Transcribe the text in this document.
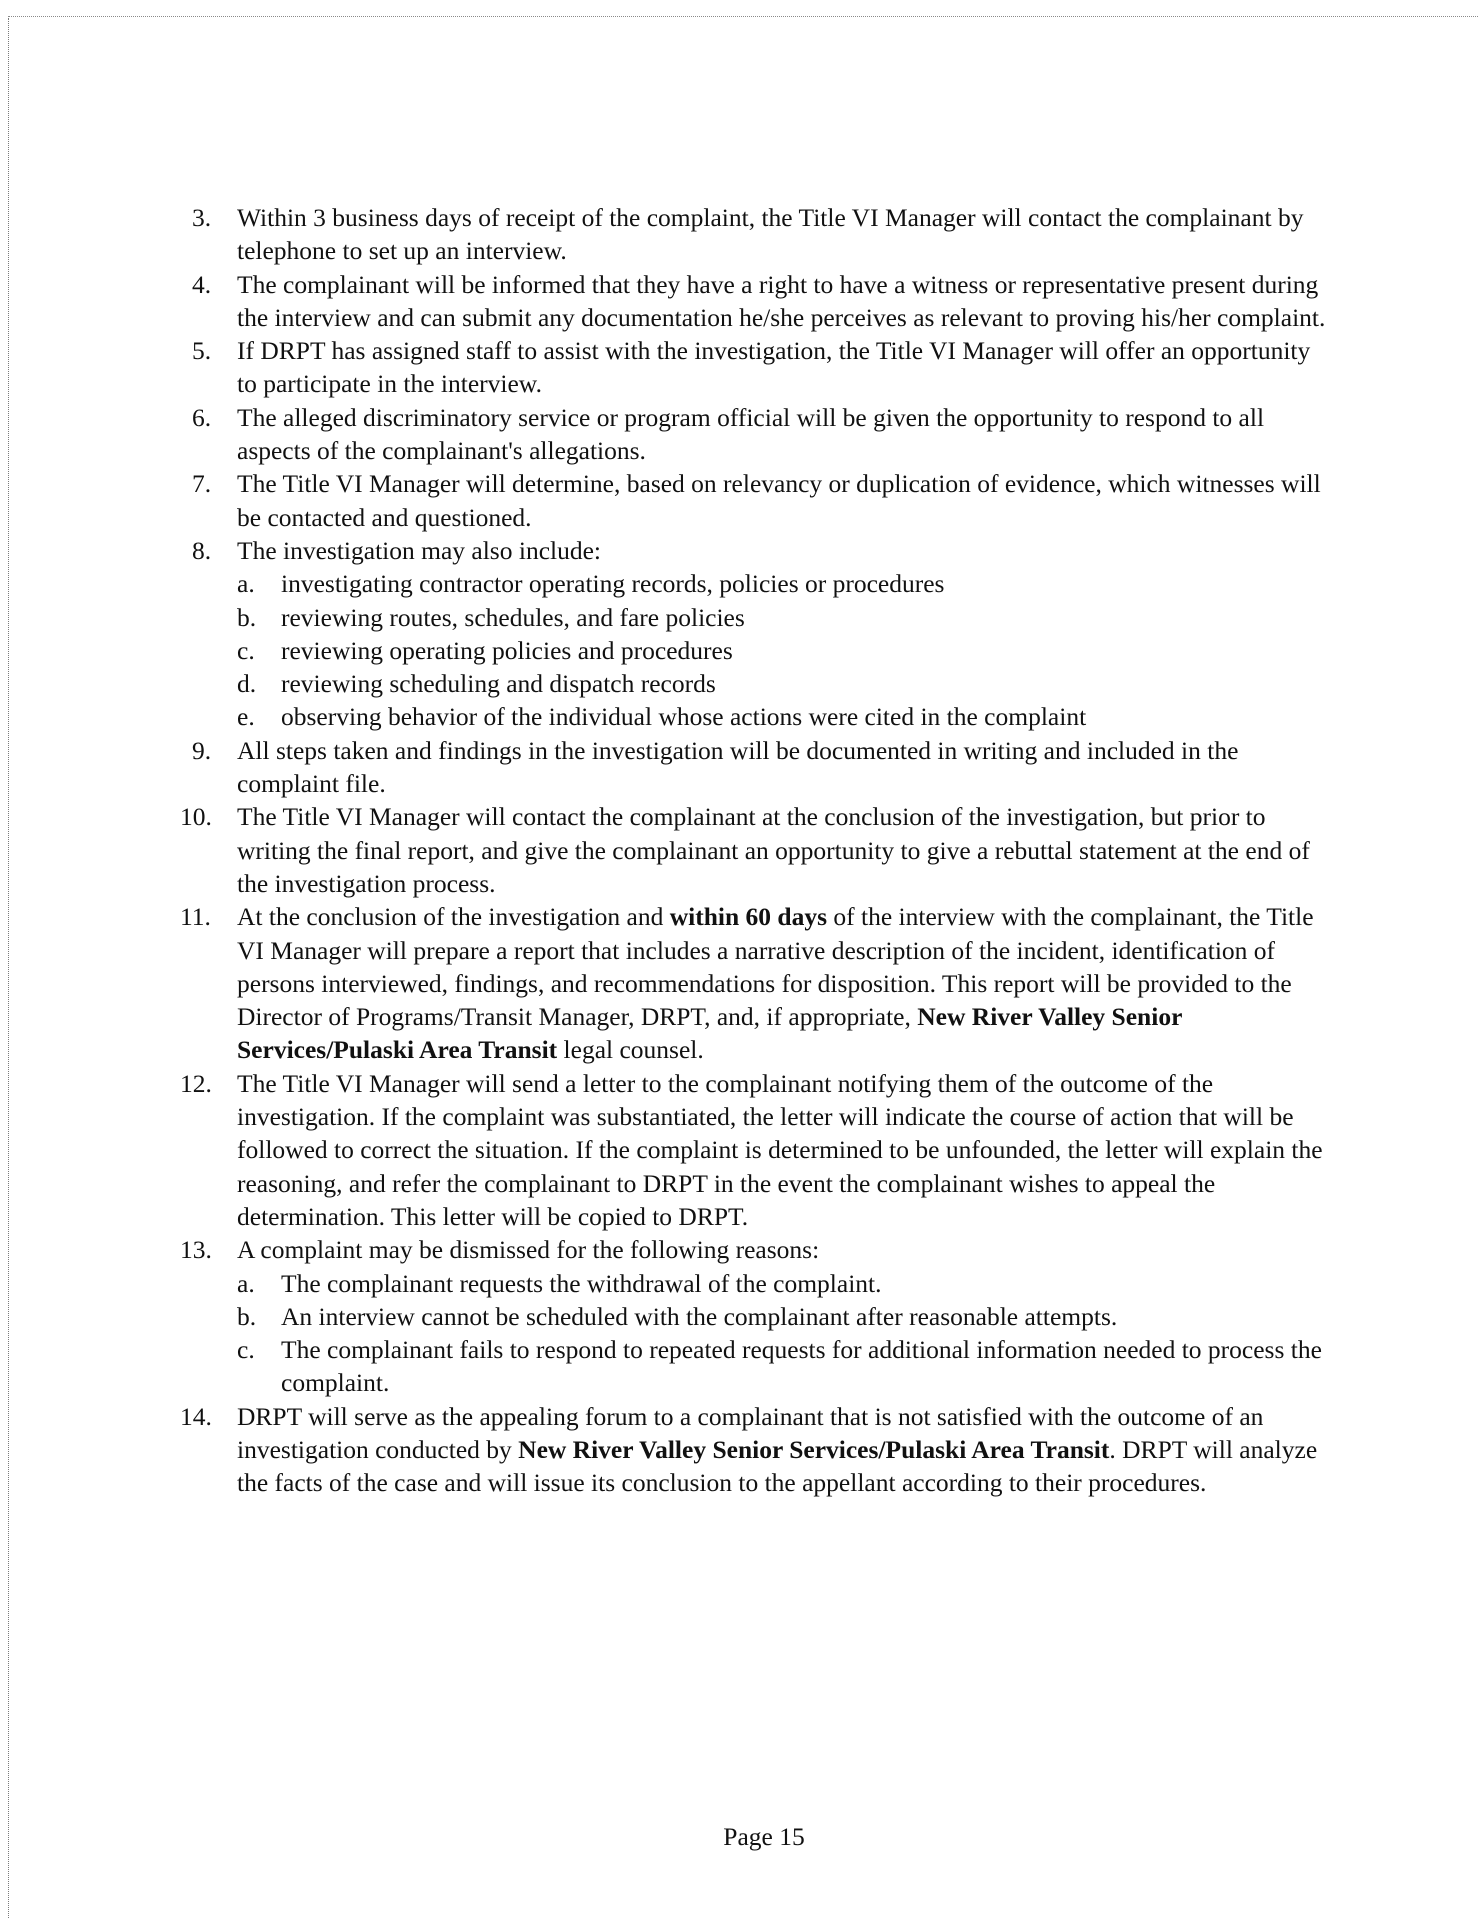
3. Within 3 business days of receipt of the complaint, the Title VI Manager will contact the complainant by telephone to set up an interview.
4. The complainant will be informed that they have a right to have a witness or representative present during the interview and can submit any documentation he/she perceives as relevant to proving his/her complaint.
5. If DRPT has assigned staff to assist with the investigation, the Title VI Manager will offer an opportunity to participate in the interview.
6. The alleged discriminatory service or program official will be given the opportunity to respond to all aspects of the complainant's allegations.
7. The Title VI Manager will determine, based on relevancy or duplication of evidence, which witnesses will be contacted and questioned.
8. The investigation may also include:
a. investigating contractor operating records, policies or procedures
b. reviewing routes, schedules, and fare policies
c. reviewing operating policies and procedures
d. reviewing scheduling and dispatch records
e. observing behavior of the individual whose actions were cited in the complaint
9. All steps taken and findings in the investigation will be documented in writing and included in the complaint file.
10. The Title VI Manager will contact the complainant at the conclusion of the investigation, but prior to writing the final report, and give the complainant an opportunity to give a rebuttal statement at the end of the investigation process.
11. At the conclusion of the investigation and within 60 days of the interview with the complainant, the Title VI Manager will prepare a report that includes a narrative description of the incident, identification of persons interviewed, findings, and recommendations for disposition. This report will be provided to the Director of Programs/Transit Manager, DRPT, and, if appropriate, New River Valley Senior Services/Pulaski Area Transit legal counsel.
12. The Title VI Manager will send a letter to the complainant notifying them of the outcome of the investigation. If the complaint was substantiated, the letter will indicate the course of action that will be followed to correct the situation. If the complaint is determined to be unfounded, the letter will explain the reasoning, and refer the complainant to DRPT in the event the complainant wishes to appeal the determination. This letter will be copied to DRPT.
13. A complaint may be dismissed for the following reasons:
a. The complainant requests the withdrawal of the complaint.
b. An interview cannot be scheduled with the complainant after reasonable attempts.
c. The complainant fails to respond to repeated requests for additional information needed to process the complaint.
14. DRPT will serve as the appealing forum to a complainant that is not satisfied with the outcome of an investigation conducted by New River Valley Senior Services/Pulaski Area Transit. DRPT will analyze the facts of the case and will issue its conclusion to the appellant according to their procedures.
Page 15
